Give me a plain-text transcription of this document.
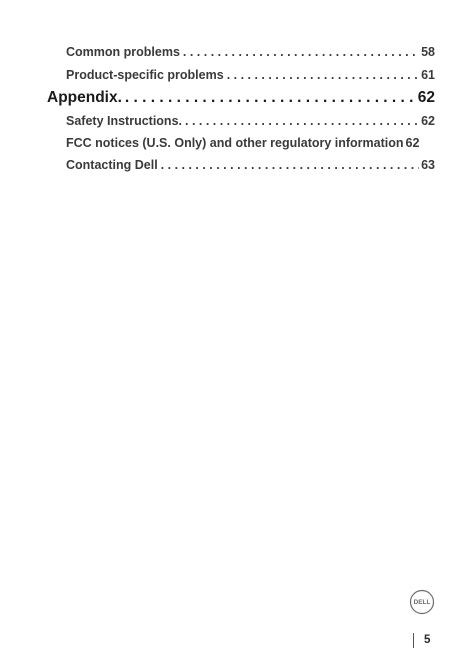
Common problems . . .	58
Product-specific problems . . .	61
Appendix. . . .	62
Safety Instructions. . . .	62
FCC notices (U.S. Only) and other regulatory information 62
Contacting Dell . . .	63
DELL
5
